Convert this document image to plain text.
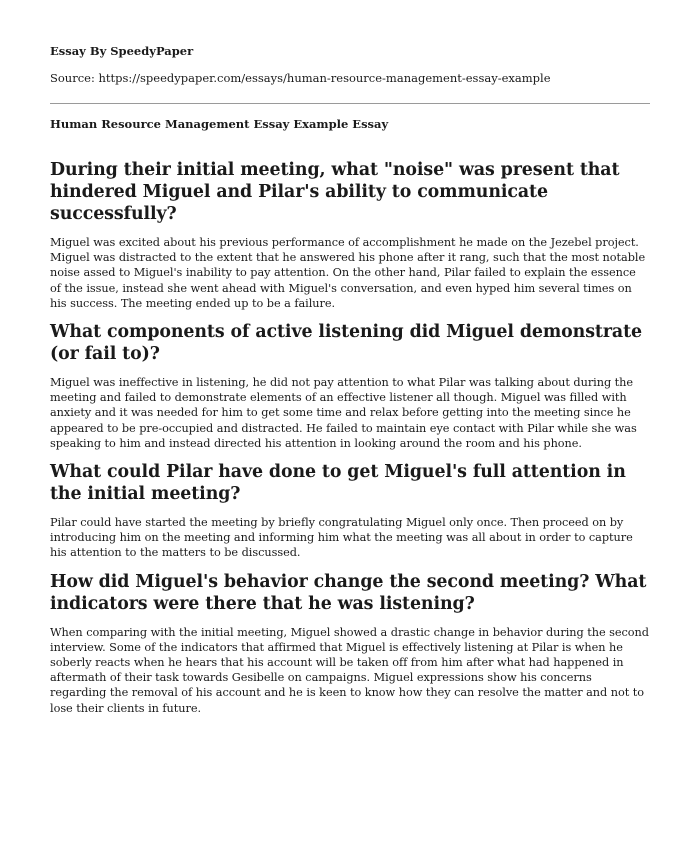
Essay By SpeedyPaper
Source: https://speedypaper.com/essays/human-resource-management-essay-example
Human Resource Management Essay Example Essay
During their initial meeting, what "noise" was present that hindered Miguel and Pilar's ability to communicate successfully?

Miguel was excited about his previous performance of accomplishment he made on the Jezebel project. Miguel was distracted to the extent that he answered his phone after it rang, such that the most notable noise assed to Miguel's inability to pay attention. On the other hand, Pilar failed to explain the essence of the issue, instead she went ahead with Miguel's conversation, and even hyped him several times on his success. The meeting ended up to be a failure.

What components of active listening did Miguel demonstrate (or fail to)?

Miguel was ineffective in listening, he did not pay attention to what Pilar was talking about during the meeting and failed to demonstrate elements of an effective listener all though. Miguel was filled with anxiety and it was needed for him to get some time and relax before getting into the meeting since he appeared to be pre-occupied and distracted. He failed to maintain eye contact with Pilar while she was speaking to him and instead directed his attention in looking around the room and his phone.

What could Pilar have done to get Miguel's full attention in the initial meeting?

Pilar could have started the meeting by briefly congratulating Miguel only once. Then proceed on by introducing him on the meeting and informing him what the meeting was all about in order to capture his attention to the matters to be discussed.

How did Miguel's behavior change the second meeting? What indicators were there that he was listening?

When comparing with the initial meeting, Miguel showed a drastic change in behavior during the second interview. Some of the indicators that affirmed that Miguel is effectively listening at Pilar is when he soberly reacts when he hears that his account will be taken off from him after what had happened in aftermath of their task towards Gesibelle on campaigns. Miguel expressions show his concerns regarding the removal of his account and he is keen to know how they can resolve the matter and not to lose their clients in future.
